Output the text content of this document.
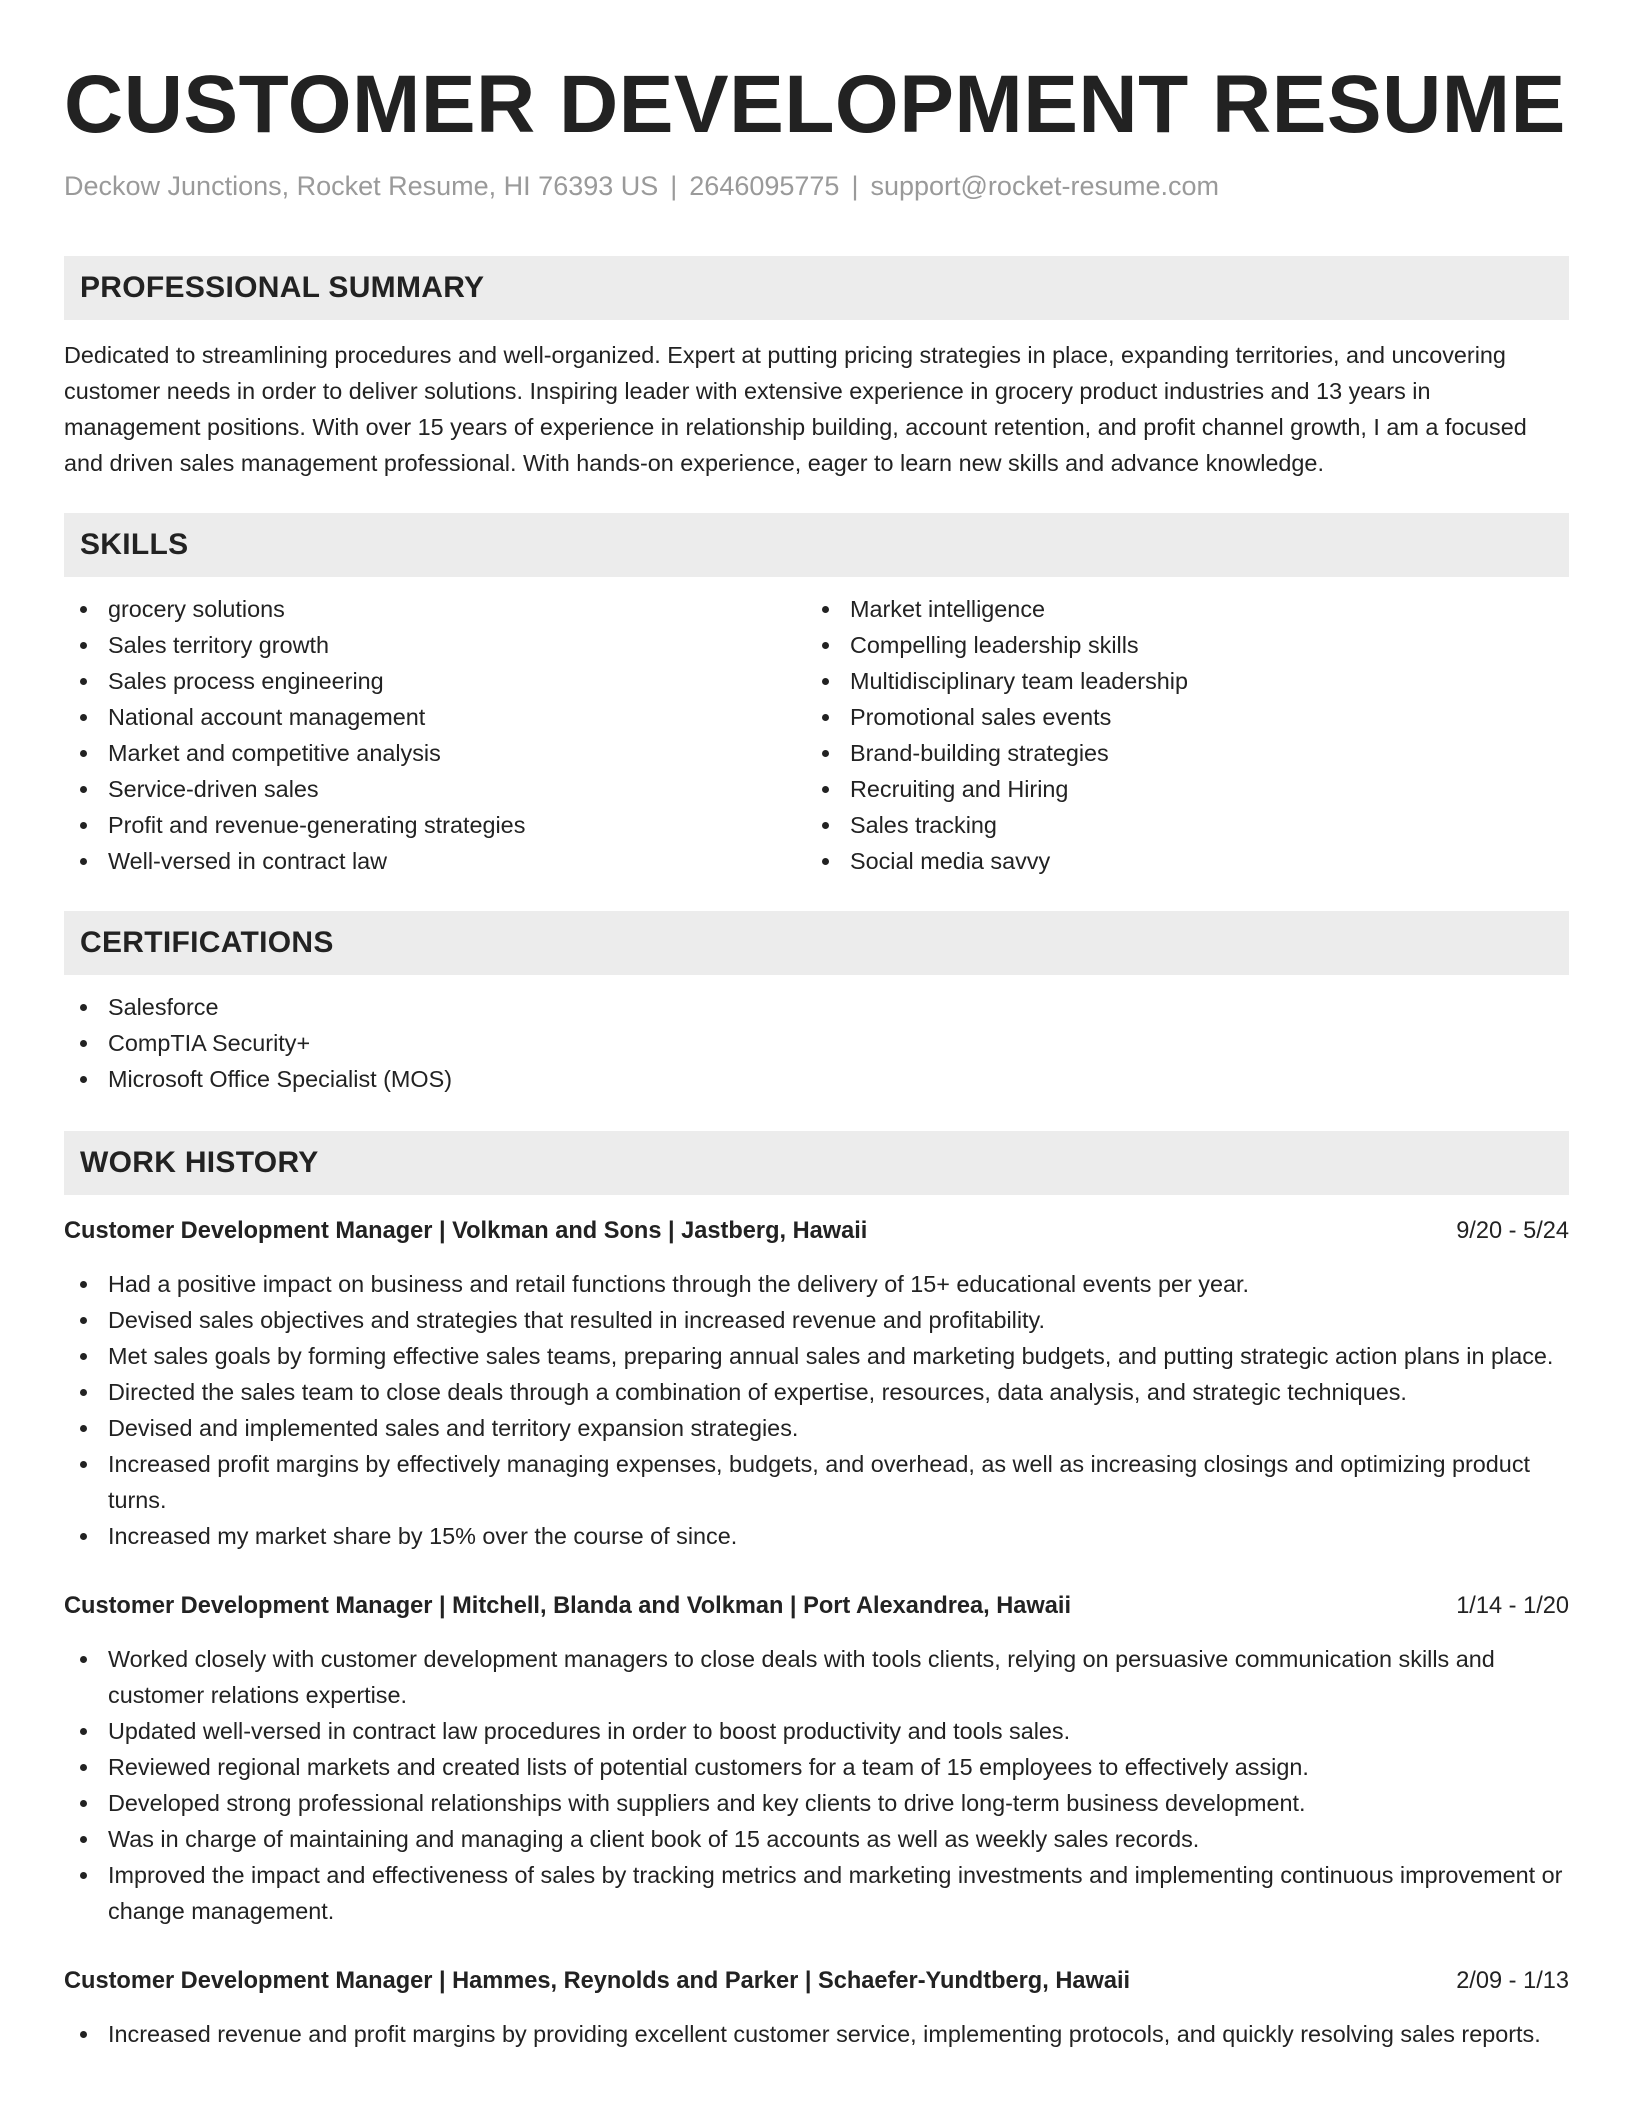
CUSTOMER DEVELOPMENT RESUME
Deckow Junctions, Rocket Resume, HI 76393 US | 2646095775 | support@rocket-resume.com
PROFESSIONAL SUMMARY
Dedicated to streamlining procedures and well-organized. Expert at putting pricing strategies in place, expanding territories, and uncovering customer needs in order to deliver solutions. Inspiring leader with extensive experience in grocery product industries and 13 years in management positions. With over 15 years of experience in relationship building, account retention, and profit channel growth, I am a focused and driven sales management professional. With hands-on experience, eager to learn new skills and advance knowledge.
SKILLS
grocery solutions
Sales territory growth
Sales process engineering
National account management
Market and competitive analysis
Service-driven sales
Profit and revenue-generating strategies
Well-versed in contract law
Market intelligence
Compelling leadership skills
Multidisciplinary team leadership
Promotional sales events
Brand-building strategies
Recruiting and Hiring
Sales tracking
Social media savvy
CERTIFICATIONS
Salesforce
CompTIA Security+
Microsoft Office Specialist (MOS)
WORK HISTORY
Customer Development Manager | Volkman and Sons | Jastberg, Hawaii	9/20 - 5/24
Had a positive impact on business and retail functions through the delivery of 15+ educational events per year.
Devised sales objectives and strategies that resulted in increased revenue and profitability.
Met sales goals by forming effective sales teams, preparing annual sales and marketing budgets, and putting strategic action plans in place.
Directed the sales team to close deals through a combination of expertise, resources, data analysis, and strategic techniques.
Devised and implemented sales and territory expansion strategies.
Increased profit margins by effectively managing expenses, budgets, and overhead, as well as increasing closings and optimizing product turns.
Increased my market share by 15% over the course of since.
Customer Development Manager | Mitchell, Blanda and Volkman | Port Alexandrea, Hawaii	1/14 - 1/20
Worked closely with customer development managers to close deals with tools clients, relying on persuasive communication skills and customer relations expertise.
Updated well-versed in contract law procedures in order to boost productivity and tools sales.
Reviewed regional markets and created lists of potential customers for a team of 15 employees to effectively assign.
Developed strong professional relationships with suppliers and key clients to drive long-term business development.
Was in charge of maintaining and managing a client book of 15 accounts as well as weekly sales records.
Improved the impact and effectiveness of sales by tracking metrics and marketing investments and implementing continuous improvement or change management.
Customer Development Manager | Hammes, Reynolds and Parker | Schaefer-Yundtberg, Hawaii	2/09 - 1/13
Increased revenue and profit margins by providing excellent customer service, implementing protocols, and quickly resolving sales reports.
